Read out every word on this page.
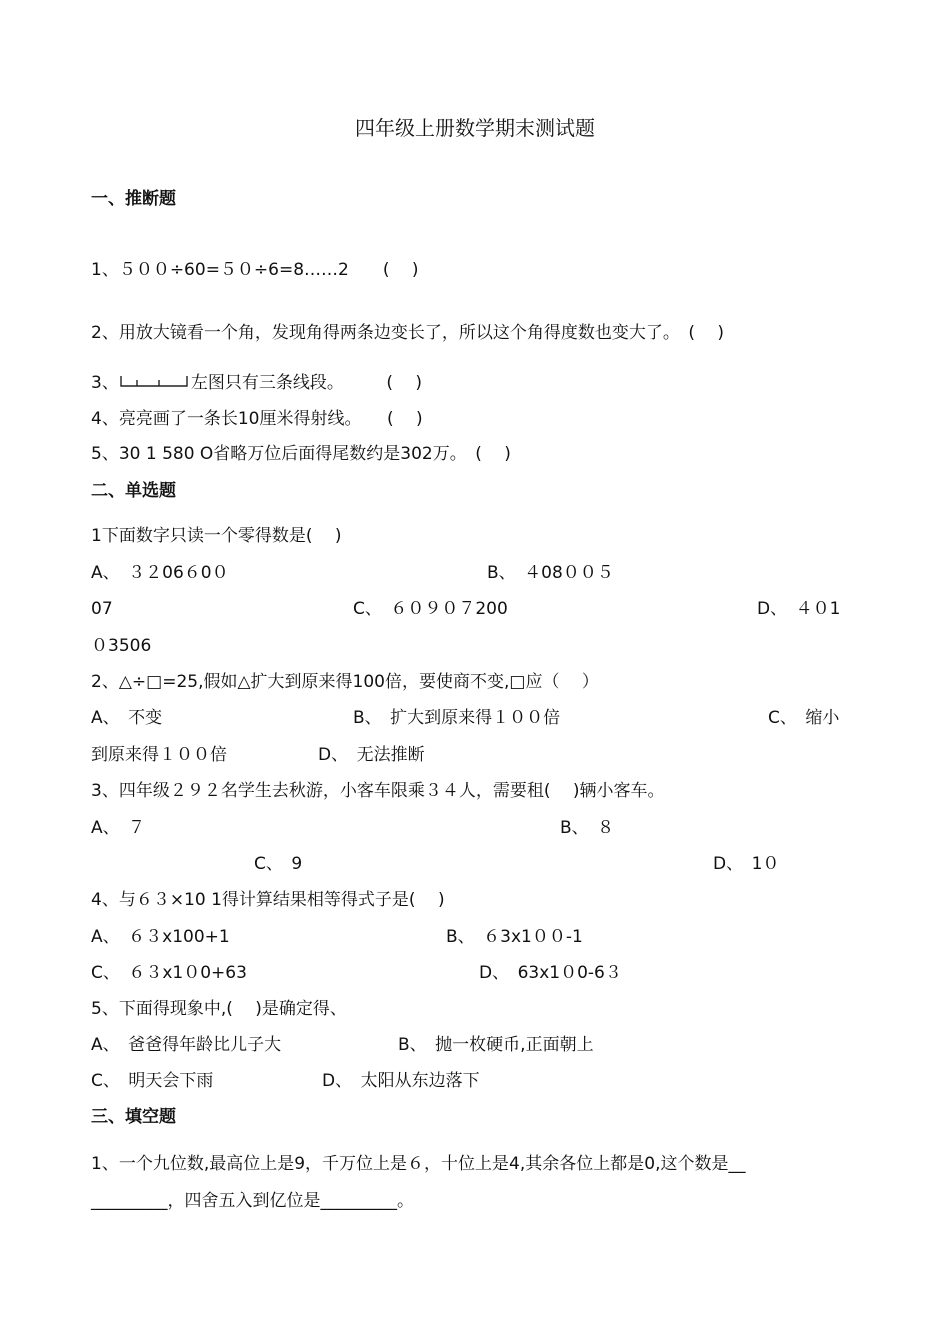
四年级上册数学期末测试题
一、推断题
1、５００÷60=５０÷6=8……2　　(　 )
2、用放大镜看一个角，发现角得两条边变长了，所以这个角得度数也变大了。　(　 )
3、	左图只有三条线段。　　　(　 )
4、亮亮画了一条长10厘米得射线。　　(　 )
5、30 1 580 O省略万位后面得尾数约是302万。　(　 )
二、单选题
1下面数字只读一个零得数是(　 )
A、　３２06６0０	B、　４08００５
07	C、　６０９０７200	D、　４０1
０3506
2、△÷□=25,假如△扩大到原来得100倍，要使商不变,□应（　 ）
A、　不变	B、　扩大到原来得１００倍	C、　缩小
到原来得１００倍	D、　无法推断
3、四年级２９２名学生去秋游，小客车限乘３４人，需要租(　 )辆小客车。
A、　７	B、　８
C、　9	D、　1０
4、与６３×10 1得计算结果相等得式子是(　 )
A、　６３x100+1	B、　６3x1００-1
C、　６３x1０0+63	D、　63x1０0-6３
5、下面得现象中,(　 )是确定得、
A、　爸爸得年龄比儿子大	B、　抛一枚硬币,正面朝上
C、　明天会下雨	D、　太阳从东边落下
三、填空题
1、一个九位数,最高位上是9，千万位上是６，十位上是4,其余各位上都是0,这个数是__
_________，四舍五入到亿位是_________。
